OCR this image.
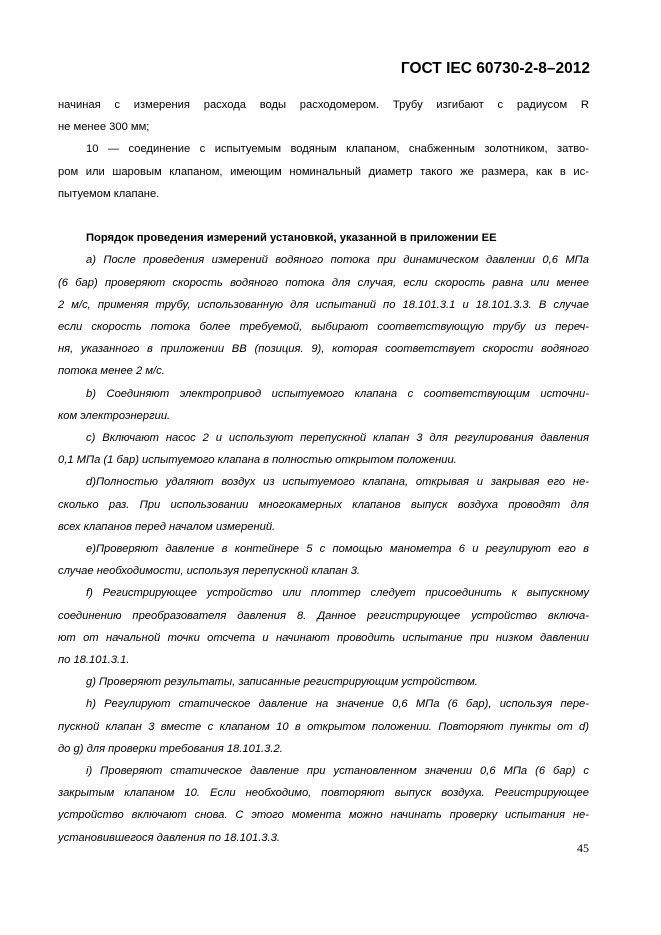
ГОСТ IEC 60730-2-8–2012

начиная с измерения расхода воды расходомером. Трубу изгибают с радиусом R

не менее 300 мм;

10 — соединение с испытуемым водяным клапаном, снабженным золотником, затво-

ром или шаровым клапаном, имеющим номинальный диаметр такого же размера, как в ис-

пытуемом клапане.

Порядок проведения измерений установкой, указанной в приложении ЕЕ

а) После проведения измерений водяного потока при динамическом давлении 0,6 МПа

(6 бар) проверяют скорость водяного потока для случая, если скорость равна или менее

2 м/с, применяя трубу, использованную для испытаний по 18.101.3.1 и 18.101.3.3. В случае

если скорость потока более требуемой, выбирают соответствующую трубу из переч-

ня, указанного в приложении ВВ (позиция. 9), которая соответствует скорости водяного

потока менее 2 м/с.

b) Соединяют электропривод испытуемого клапана с соответствующим источни-

ком электроэнергии.

c) Включают насос 2 и используют перепускной клапан 3 для регулирования давления

0,1 МПа (1 бар) испытуемого клапана в полностью открытом положении.

d)Полностью удаляют воздух из испытуемого клапана, открывая и закрывая его не-

сколько раз. При использовании многокамерных клапанов выпуск воздуха проводят для

всех клапанов перед началом измерений.

e)Проверяют давление в контейнере 5 с помощью манометра 6 и регулируют его в

случае необходимости, используя перепускной клапан 3.

f) Регистрирующее устройство или плоттер следует присоединить к выпускному

соединению преобразователя давления 8. Данное регистрирующее устройство включа-

ют от начальной точки отсчета и начинают проводить испытание при низком давлении

по 18.101.3.1.

g) Проверяют результаты, записанные регистрирующим устройством.

h) Регулируют статическое давление на значение 0,6 МПа (6 бар), используя пере-

пускной клапан 3 вместе с клапаном 10 в открытом положении. Повторяют пункты от d)

до g) для проверки требования 18.101.3.2.

i) Проверяют статическое давление при установленном значении 0,6 МПа (6 бар) с

закрытым клапаном 10. Если необходимо, повторяют выпуск воздуха. Регистрирующее

устройство включают снова. С этого момента можно начинать проверку испытания не-

установившегося давления по 18.101.3.3.

45
